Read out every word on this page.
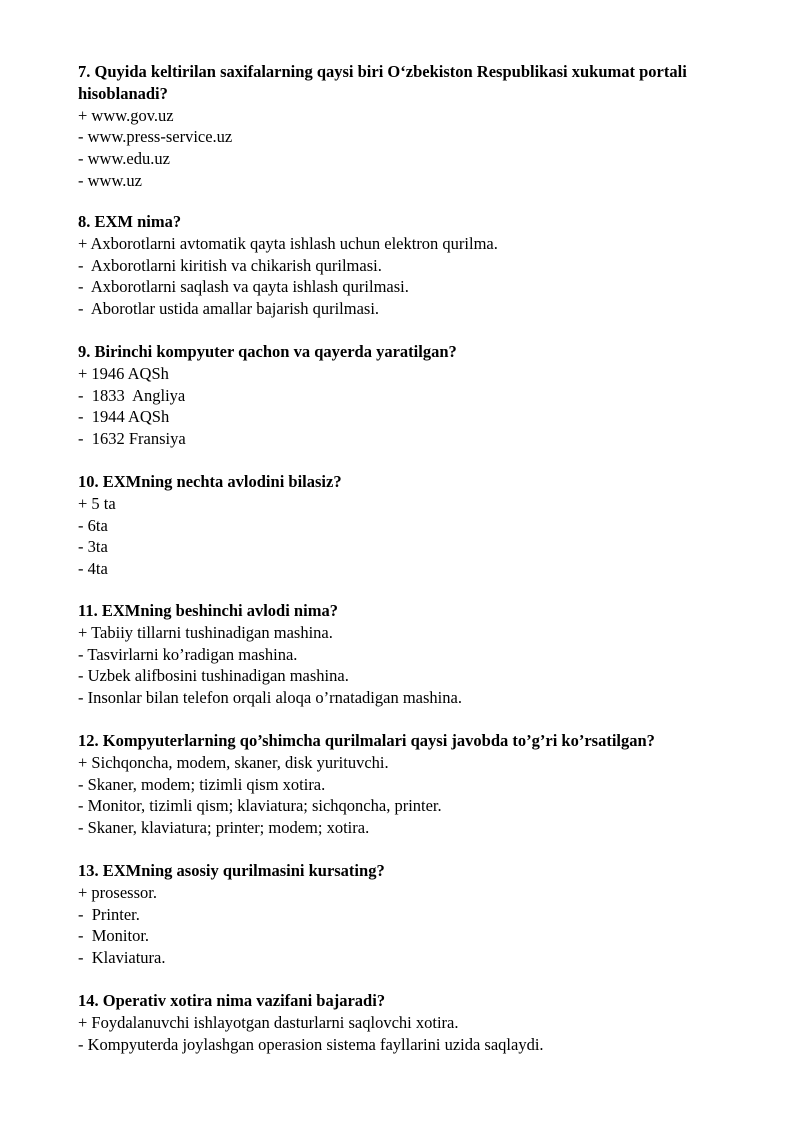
7. Quyida keltirilan saxifalarning qaysi biri O‘zbekiston Respublikasi xukumat portali hisoblanadi?

+ www.gov.uz

- www.press-service.uz

- www.edu.uz

- www.uz

8. EXM nima?

+ Axborotlarni avtomatik qayta ishlash uchun elektron qurilma.

-  Axborotlarni kiritish va chikarish qurilmasi.

-  Axborotlarni saqlash va qayta ishlash qurilmasi.

-  Aborotlar ustida amallar bajarish qurilmasi.

9. Birinchi kompyuter qachon va qayerda yaratilgan?

+ 1946 AQSh

-  1833  Angliya

-  1944 AQSh

-  1632 Fransiya

10. EXMning nechta avlodini bilasiz?

+ 5 ta

- 6ta

- 3ta

- 4ta

11. EXMning beshinchi avlodi nima?

+ Tabiiy tillarni tushinadigan mashina.

- Tasvirlarni ko’radigan mashina.

- Uzbek alifbosini tushinadigan mashina.

- Insonlar bilan telefon orqali aloqa o’rnatadigan mashina.

12. Kompyuterlarning qo’shimcha qurilmalari qaysi javobda to’g’ri ko’rsatilgan?

+ Sichqoncha, modem, skaner, disk yurituvchi.

- Skaner, modem; tizimli qism xotira.

- Monitor, tizimli qism; klaviatura; sichqoncha, printer.

- Skaner, klaviatura; printer; modem; xotira.

13. EXMning asosiy qurilmasini kursating?

+ prosessor.

-  Printer.

-  Monitor.

-  Klaviatura.

14. Operativ xotira nima vazifani bajaradi?

+ Foydalanuvchi ishlayotgan dasturlarni saqlovchi xotira.

- Kompyuterda joylashgan operasion sistema fayllarini uzida saqlaydi.
